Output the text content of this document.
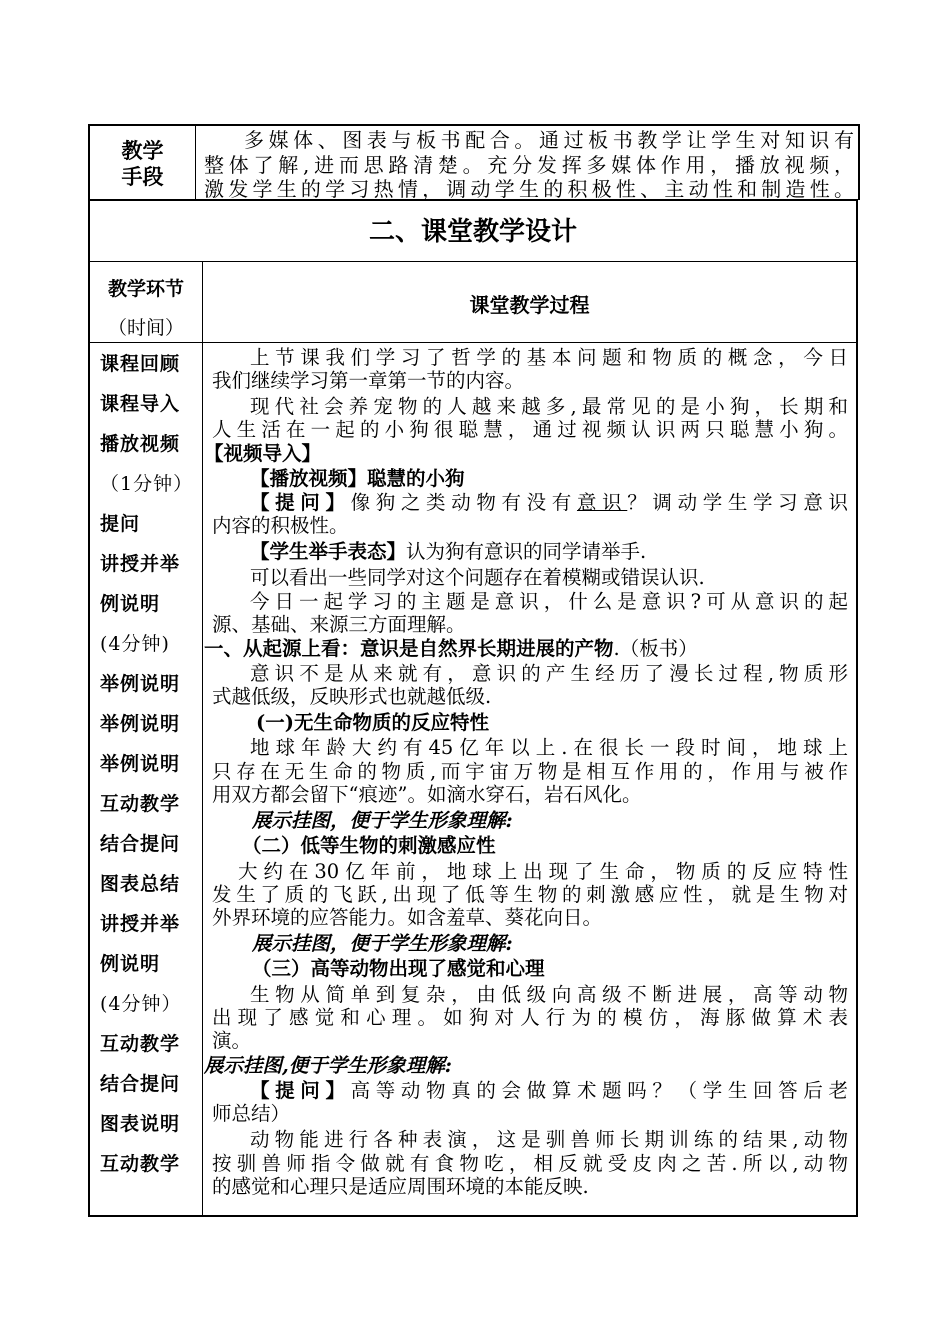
教学
手段

多媒体、图表与板书配合。通过板书教学让学生对知识有

整体了解,进而思路清楚。充分发挥多媒体作用，播放视频，

激发学生的学习热情，调动学生的积极性、主动性和制造性。

二、课堂教学设计
教学环节
（时间）
课堂教学过程
课程回顾
课程导入
播放视频
（1分钟）
提问
讲授并举
例说明
(4分钟)
举例说明
举例说明
举例说明
互动教学
结合提问
图表总结
讲授并举
例说明
(4分钟）
互动教学
结合提问
图表说明
互动教学
上节课我们学习了哲学的基本问题和物质的概念，今日
我们继续学习第一章第一节的内容。
现代社会养宠物的人越来越多,最常见的是小狗，长期和
人生活在一起的小狗很聪慧，通过视频认识两只聪慧小狗。
【视频导入】
【播放视频】聪慧的小狗
【提问】像狗之类动物有没有意识？调动学生学习意识
内容的积极性。
【学生举手表态】认为狗有意识的同学请举手.
可以看出一些同学对这个问题存在着模糊或错误认识.
今日一起学习的主题是意识，什么是意识?可从意识的起
源、基础、来源三方面理解。
一、从起源上看：意识是自然界长期进展的产物.（板书）
意识不是从来就有，意识的产生经历了漫长过程,物质形
式越低级，反映形式也就越低级.
(一)无生命物质的反应特性
地球年龄大约有45亿年以上.在很长一段时间，地球上
只存在无生命的物质,而宇宙万物是相互作用的，作用与被作
用双方都会留下“痕迹”。如滴水穿石，岩石风化。
展示挂图，便于学生形象理解:
（二）低等生物的刺激感应性
大约在30亿年前，地球上出现了生命，物质的反应特性
发生了质的飞跃,出现了低等生物的刺激感应性，就是生物对
外界环境的应答能力。如含羞草、葵花向日。
展示挂图，便于学生形象理解:
（三）高等动物出现了感觉和心理
生物从简单到复杂，由低级向高级不断进展，高等动物
出现了感觉和心理。如狗对人行为的模仿，海豚做算术表
演。
展示挂图,便于学生形象理解:
【提问】高等动物真的会做算术题吗？（学生回答后老
师总结）
动物能进行各种表演，这是驯兽师长期训练的结果,动物
按驯兽师指令做就有食物吃，相反就受皮肉之苦.所以,动物
的感觉和心理只是适应周围环境的本能反映.
